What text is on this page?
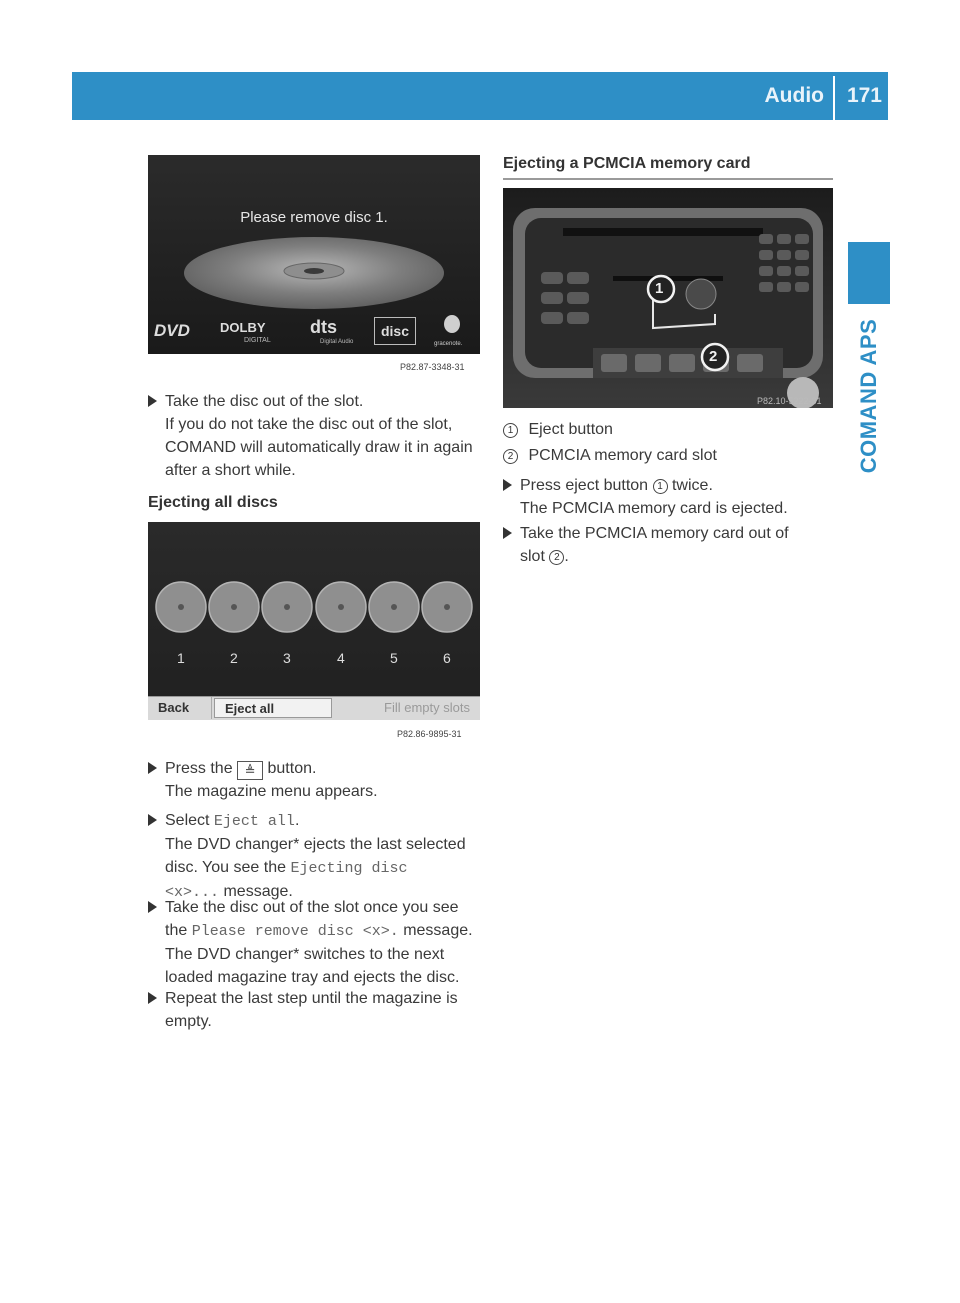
Audio 171
COMAND APS
Please remove disc 1.
DVD DOLBY
DIGITAL
dts
Digital Audio
disc
gracenote.
P82.87-3348-31
Take the disc out of the slot.
If you do not take the disc out of the slot,
COMAND will automatically draw it in again
after a short while.
Ejecting all discs
1	2	3	4	5	6
Back	Eject all	Fill empty slots
P82.86-9895-31
Press the ≜ button.
The magazine menu appears.
Select Eject all.
The DVD changer* ejects the last selected
disc. You see the Ejecting disc
<x>... message.
Take the disc out of the slot once you see
the Please remove disc <x>. message.
The DVD changer* switches to the next
loaded magazine tray and ejects the disc.
Repeat the last step until the magazine is
empty.
Ejecting a PCMCIA memory card
1
2
P82.10-5222-31
1 Eject button
2 PCMCIA memory card slot
Press eject button 1 twice.
The PCMCIA memory card is ejected.
Take the PCMCIA memory card out of
slot 2 .
